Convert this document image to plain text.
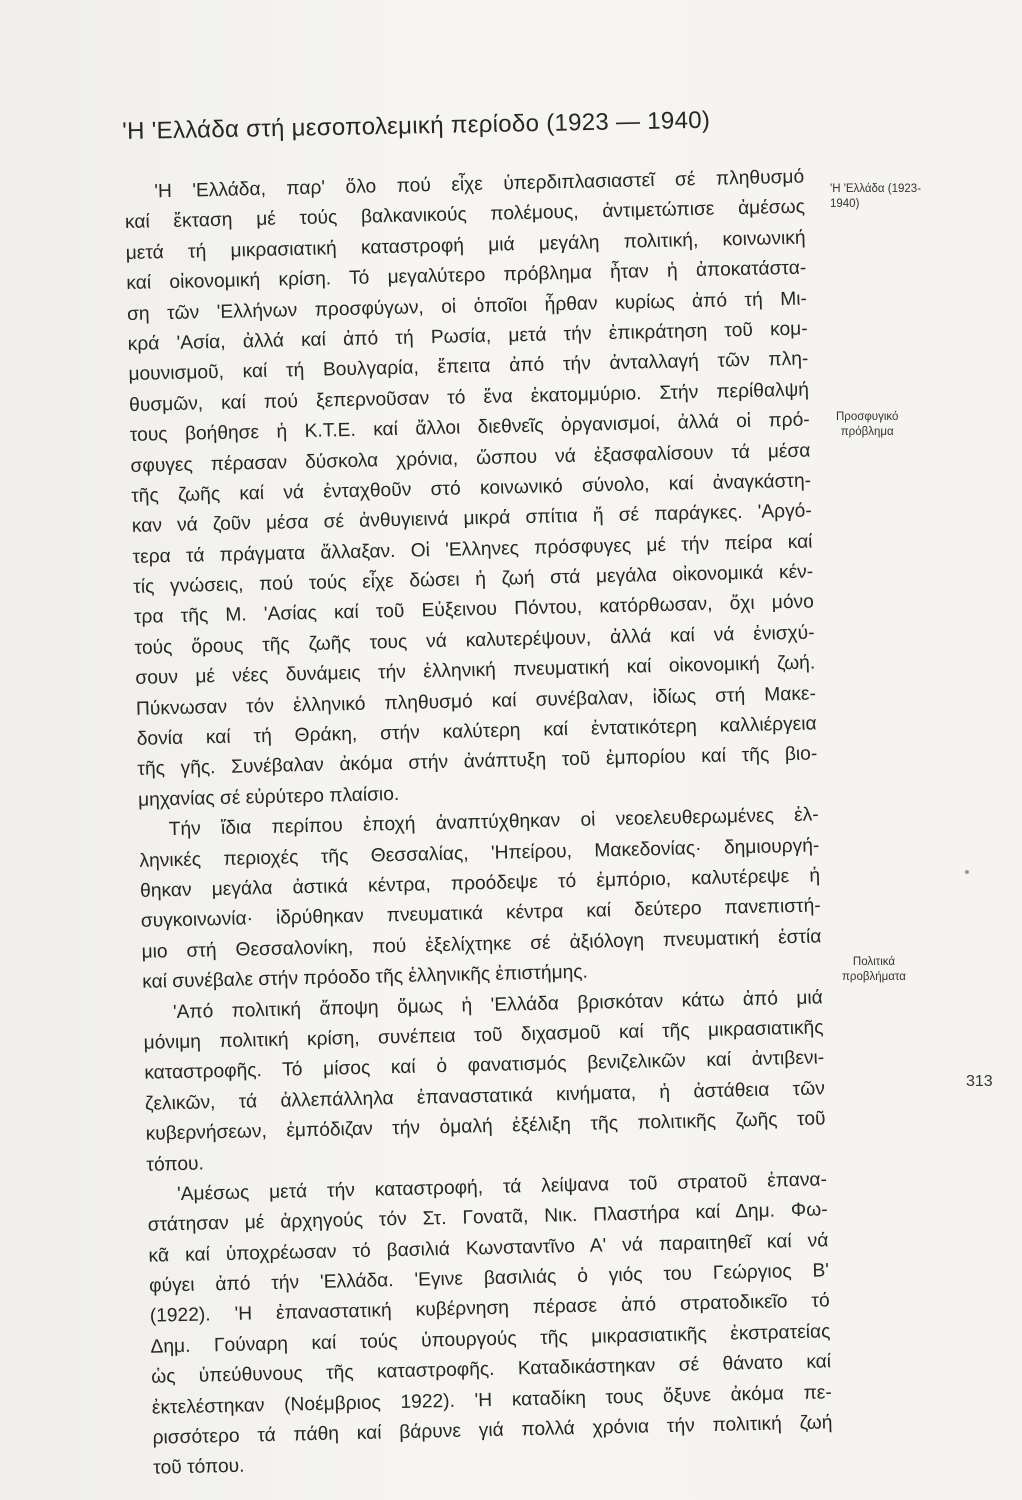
'Η 'Ελλάδα στή μεσοπολεμική περίοδο (1923 — 1940)
'Η 'Ελλάδα, παρ' ὅλο πού εἶχε ὑπερδιπλασιαστεῖ σέ πληθυσμό
καί ἔκταση μέ τούς βαλκανικούς πολέμους, ἀντιμετώπισε ἀμέσως
μετά τή μικρασιατική καταστροφή μιά μεγάλη πολιτική, κοινωνική
καί οἰκονομική κρίση. Τό μεγαλύτερο πρόβλημα ἦταν ἡ ἀποκατάστα-
ση τῶν 'Ελλήνων προσφύγων, οἱ ὁποῖοι ἦρθαν κυρίως ἀπό τή Μι-
κρά 'Ασία, ἀλλά καί ἀπό τή Ρωσία, μετά τήν ἐπικράτηση τοῦ κομ-
μουνισμοῦ, καί τή Βουλγαρία, ἔπειτα ἀπό τήν ἀνταλλαγή τῶν πλη-
θυσμῶν, καί πού ξεπερνοῦσαν τό ἕνα ἑκατομμύριο. Στήν περίθαλψή
τους βοήθησε ἡ Κ.Τ.Ε. καί ἄλλοι διεθνεῖς ὀργανισμοί, ἀλλά οἱ πρό-
σφυγες πέρασαν δύσκολα χρόνια, ὥσπου νά ἐξασφαλίσουν τά μέσα
τῆς ζωῆς καί νά ἐνταχθοῦν στό κοινωνικό σύνολο, καί ἀναγκάστη-
καν νά ζοῦν μέσα σέ ἀνθυγιεινά μικρά σπίτια ἤ σέ παράγκες. 'Αργό-
τερα τά πράγματα ἄλλαξαν. Οἱ 'Ελληνες πρόσφυγες μέ τήν πείρα καί
τίς γνώσεις, πού τούς εἶχε δώσει ἡ ζωή στά μεγάλα οἰκονομικά κέν-
τρα τῆς Μ. 'Ασίας καί τοῦ Εὐξεινου Πόντου, κατόρθωσαν, ὄχι μόνο
τούς ὅρους τῆς ζωῆς τους νά καλυτερέψουν, ἀλλά καί νά ἐνισχύ-
σουν μέ νέες δυνάμεις τήν ἑλληνική πνευματική καί οἰκονομική ζωή.
Πύκνωσαν τόν ἑλληνικό πληθυσμό καί συνέβαλαν, ἰδίως στή Μακε-
δονία καί τή Θράκη, στήν καλύτερη καί ἐντατικότερη καλλιέργεια
τῆς γῆς. Συνέβαλαν ἀκόμα στήν ἀνάπτυξη τοῦ ἐμπορίου καί τῆς βιο-
μηχανίας σέ εὐρύτερο πλαίσιο.
Τήν ἴδια περίπου ἐποχή ἀναπτύχθηκαν οἱ νεοελευθερωμένες ἑλ-
ληνικές περιοχές τῆς Θεσσαλίας, 'Ηπείρου, Μακεδονίας· δημιουργή-
θηκαν μεγάλα ἀστικά κέντρα, προόδεψε τό ἐμπόριο, καλυτέρεψε ἡ
συγκοινωνία· ἱδρύθηκαν πνευματικά κέντρα καί δεύτερο πανεπιστή-
μιο στή Θεσσαλονίκη, πού ἐξελίχτηκε σέ ἀξιόλογη πνευματική ἑστία
καί συνέβαλε στήν πρόοδο τῆς ἑλληνικῆς ἐπιστήμης.
'Από πολιτική ἄποψη ὅμως ἡ 'Ελλάδα βρισκόταν κάτω ἀπό μιά
μόνιμη πολιτική κρίση, συνέπεια τοῦ διχασμοῦ καί τῆς μικρασιατικῆς
καταστροφῆς. Τό μίσος καί ὁ φανατισμός βενιζελικῶν καί ἀντιβενι-
ζελικῶν, τά ἀλλεπάλληλα ἐπαναστατικά κινήματα, ἡ ἀστάθεια τῶν
κυβερνήσεων, ἐμπόδιζαν τήν ὁμαλή ἐξέλιξη τῆς πολιτικῆς ζωῆς τοῦ
τόπου.
'Αμέσως μετά τήν καταστροφή, τά λείψανα τοῦ στρατοῦ ἐπανα-
στάτησαν μέ ἀρχηγούς τόν Στ. Γονατᾶ, Νικ. Πλαστήρα καί Δημ. Φω-
κᾶ καί ὑποχρέωσαν τό βασιλιά Κωνσταντῖνο Α' νά παραιτηθεῖ καί νά
φύγει ἀπό τήν 'Ελλάδα. 'Εγινε βασιλιάς ὁ γιός του Γεώργιος Β'
(1922). 'Η ἐπαναστατική κυβέρνηση πέρασε ἀπό στρατοδικεῖο τό
Δημ. Γούναρη καί τούς ὑπουργούς τῆς μικρασιατικῆς ἐκστρατείας
ὡς ὑπεύθυνους τῆς καταστροφῆς. Καταδικάστηκαν σέ θάνατο καί
ἐκτελέστηκαν (Νοέμβριος 1922). 'Η καταδίκη τους ὄξυνε ἀκόμα πε-
ρισσότερο τά πάθη καί βάρυνε γιά πολλά χρόνια τήν πολιτική ζωή
τοῦ τόπου.
'Η 'Ελλάδα (1923-
1940)
Προσφυγικό
πρόβλημα
Πολιτικά
προβλήματα
313
